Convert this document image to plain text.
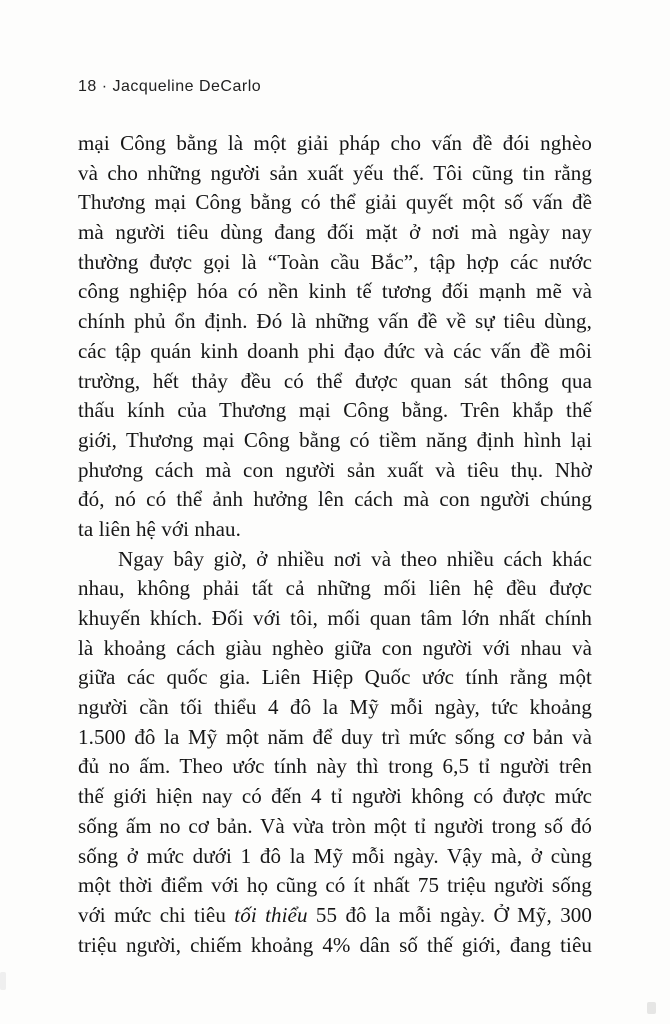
18 · Jacqueline DeCarlo
mại Công bằng là một giải pháp cho vấn đề đói nghèo
và cho những người sản xuất yếu thế. Tôi cũng tin rằng
Thương mại Công bằng có thể giải quyết một số vấn đề
mà người tiêu dùng đang đối mặt ở nơi mà ngày nay
thường được gọi là “Toàn cầu Bắc”, tập hợp các nước
công nghiệp hóa có nền kinh tế tương đối mạnh mẽ và
chính phủ ổn định. Đó là những vấn đề về sự tiêu dùng,
các tập quán kinh doanh phi đạo đức và các vấn đề môi
trường, hết thảy đều có thể được quan sát thông qua
thấu kính của Thương mại Công bằng. Trên khắp thế
giới, Thương mại Công bằng có tiềm năng định hình lại
phương cách mà con người sản xuất và tiêu thụ. Nhờ
đó, nó có thể ảnh hưởng lên cách mà con người chúng
ta liên hệ với nhau.
Ngay bây giờ, ở nhiều nơi và theo nhiều cách khác
nhau, không phải tất cả những mối liên hệ đều được
khuyến khích. Đối với tôi, mối quan tâm lớn nhất chính
là khoảng cách giàu nghèo giữa con người với nhau và
giữa các quốc gia. Liên Hiệp Quốc ước tính rằng một
người cần tối thiểu 4 đô la Mỹ mỗi ngày, tức khoảng
1.500 đô la Mỹ một năm để duy trì mức sống cơ bản và
đủ no ấm. Theo ước tính này thì trong 6,5 tỉ người trên
thế giới hiện nay có đến 4 tỉ người không có được mức
sống ấm no cơ bản. Và vừa tròn một tỉ người trong số đó
sống ở mức dưới 1 đô la Mỹ mỗi ngày. Vậy mà, ở cùng
một thời điểm với họ cũng có ít nhất 75 triệu người sống
với mức chi tiêu tối thiểu 55 đô la mỗi ngày. Ở Mỹ, 300
triệu người, chiếm khoảng 4% dân số thế giới, đang tiêu
